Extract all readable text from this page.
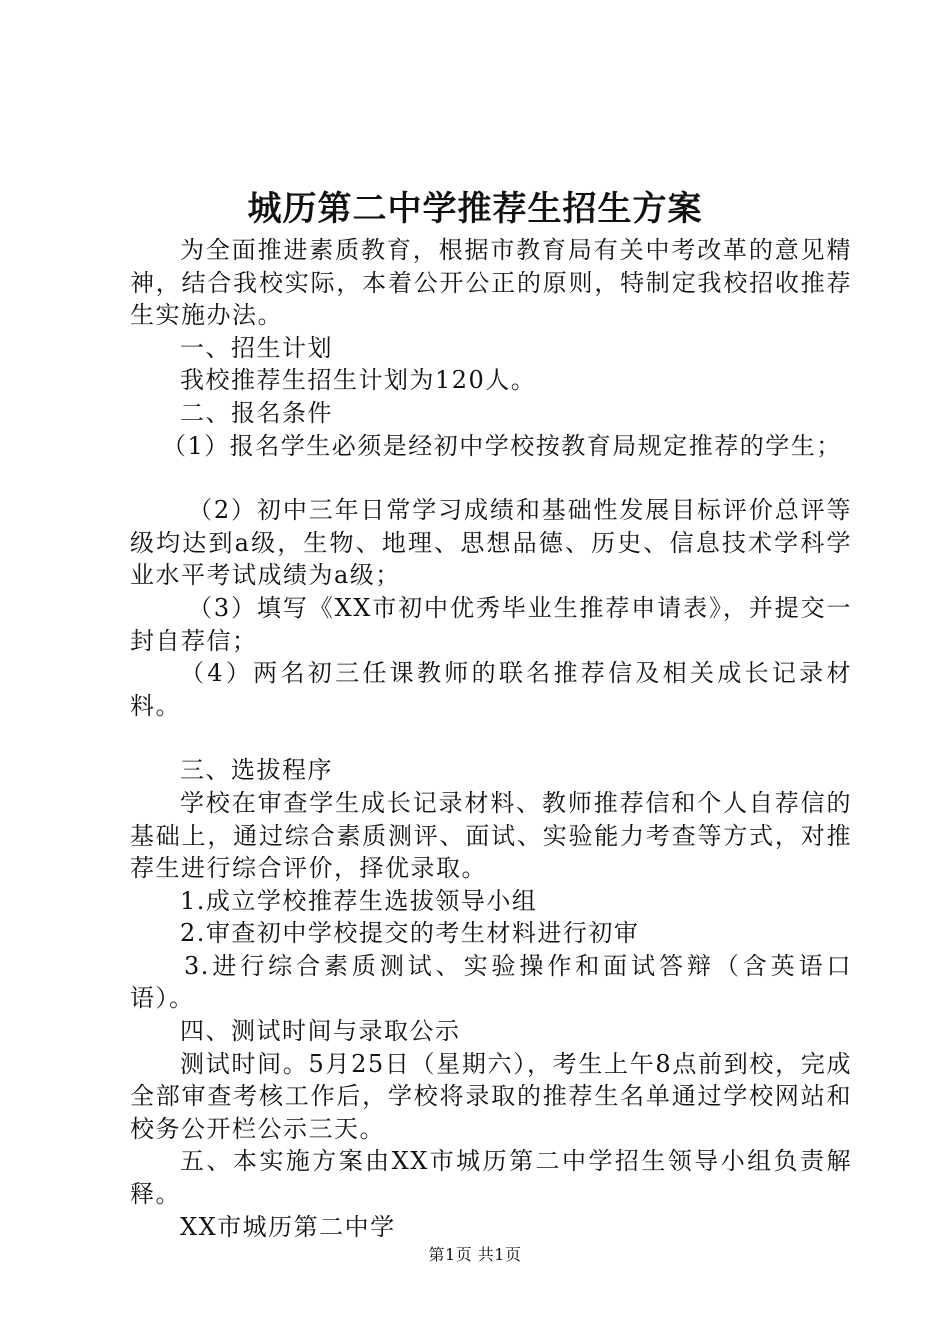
城历第二中学推荐生招生方案

为全面推进素质教育，根据市教育局有关中考改革的意见精神，结合我校实际，本着公开公正的原则，特制定我校招收推荐生实施办法。

一、招生计划

我校推荐生招生计划为120人。

二、报名条件

（1）报名学生必须是经初中学校按教育局规定推荐的学生；

（2）初中三年日常学习成绩和基础性发展目标评价总评等级均达到a级，生物、地理、思想品德、历史、信息技术学科学业水平考试成绩为a级；

（3）填写《XX市初中优秀毕业生推荐申请表》，并提交一封自荐信；

（4）两名初三任课教师的联名推荐信及相关成长记录材料。

三、选拔程序

学校在审查学生成长记录材料、教师推荐信和个人自荐信的基础上，通过综合素质测评、面试、实验能力考查等方式，对推荐生进行综合评价，择优录取。

1.成立学校推荐生选拔领导小组

2.审查初中学校提交的考生材料进行初审

3.进行综合素质测试、实验操作和面试答辩（含英语口语）。

四、测试时间与录取公示

测试时间。5月25日（星期六），考生上午8点前到校，完成全部审查考核工作后，学校将录取的推荐生名单通过学校网站和校务公开栏公示三天。

五、本实施方案由XX市城历第二中学招生领导小组负责解释。

XX市城历第二中学

第1页 共1页
